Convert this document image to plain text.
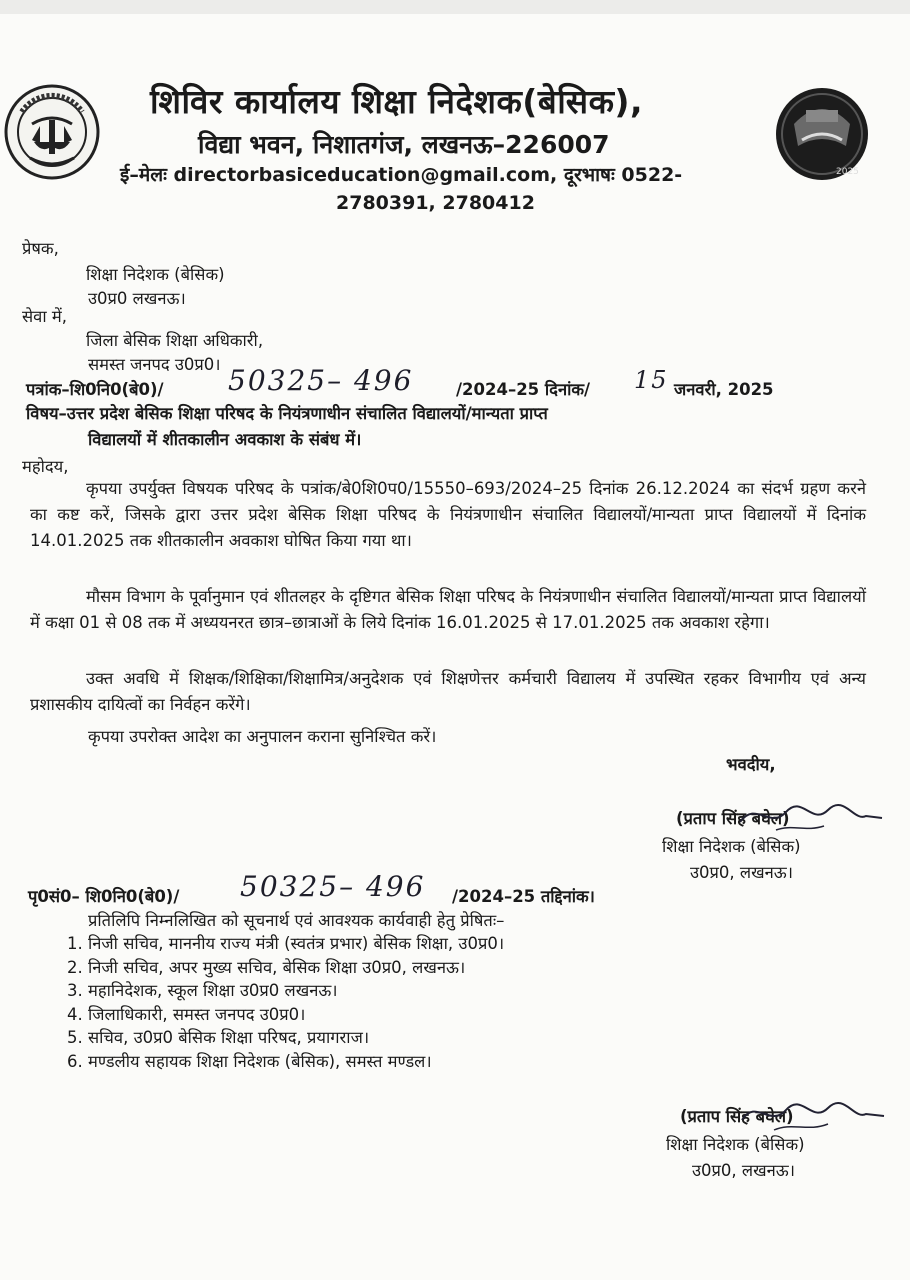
2025
शिविर कार्यालय शिक्षा निदेशक(बेसिक),
विद्या भवन, निशातगंज, लखनऊ–226007
ई–मेलः directorbasiceducation@gmail.com, दूरभाषः 0522-
2780391, 2780412
प्रेषक,
शिक्षा निदेशक (बेसिक)
उ0प्र0 लखनऊ।
सेवा में,
जिला बेसिक शिक्षा अधिकारी,
समस्त जनपद उ0प्र0।
पत्रांक–शि0नि0(बे0)/ 50325– 496	/2024–25 दिनांक/ 15 जनवरी, 2025
विषय–उत्तर प्रदेश बेसिक शिक्षा परिषद के नियंत्रणाधीन संचालित विद्यालयों/मान्यता प्राप्त
विद्यालयों में शीतकालीन अवकाश के संबंध में।
महोदय,
कृपया उपर्युक्त विषयक परिषद के पत्रांक/बे0शि0प0/15550–693/2024–25 दिनांक 26.12.2024 का संदर्भ ग्रहण करने का कष्ट करें, जिसके द्वारा उत्तर प्रदेश बेसिक शिक्षा परिषद के नियंत्रणाधीन संचालित विद्यालयों/मान्यता प्राप्त विद्यालयों में दिनांक 14.01.2025 तक शीतकालीन अवकाश घोषित किया गया था।
मौसम विभाग के पूर्वानुमान एवं शीतलहर के दृष्टिगत बेसिक शिक्षा परिषद के नियंत्रणाधीन संचालित विद्यालयों/मान्यता प्राप्त विद्यालयों में कक्षा 01 से 08 तक में अध्ययनरत छात्र–छात्राओं के लिये दिनांक 16.01.2025 से 17.01.2025 तक अवकाश रहेगा।
उक्त अवधि में शिक्षक/शिक्षिका/शिक्षामित्र/अनुदेशक एवं शिक्षणेत्तर कर्मचारी विद्यालय में उपस्थित रहकर विभागीय एवं अन्य प्रशासकीय दायित्वों का निर्वहन करेंगे।
कृपया उपरोक्त आदेश का अनुपालन कराना सुनिश्चित करें।
भवदीय,
(प्रताप सिंह बघेल)
शिक्षा निदेशक (बेसिक)
उ0प्र0, लखनऊ।
पृ0सं0– शि0नि0(बे0)/ 50325– 496 /2024–25 तद्दिनांक।
प्रतिलिपि निम्नलिखित को सूचनार्थ एवं आवश्यक कार्यवाही हेतु प्रेषितः–
1. निजी सचिव, माननीय राज्य मंत्री (स्वतंत्र प्रभार) बेसिक शिक्षा, उ0प्र0।
2. निजी सचिव, अपर मुख्य सचिव, बेसिक शिक्षा उ0प्र0, लखनऊ।
3. महानिदेशक, स्कूल शिक्षा उ0प्र0 लखनऊ।
4. जिलाधिकारी, समस्त जनपद उ0प्र0।
5. सचिव, उ0प्र0 बेसिक शिक्षा परिषद, प्रयागराज।
6. मण्डलीय सहायक शिक्षा निदेशक (बेसिक), समस्त मण्डल।
(प्रताप सिंह बघेल)
शिक्षा निदेशक (बेसिक)
उ0प्र0, लखनऊ।
